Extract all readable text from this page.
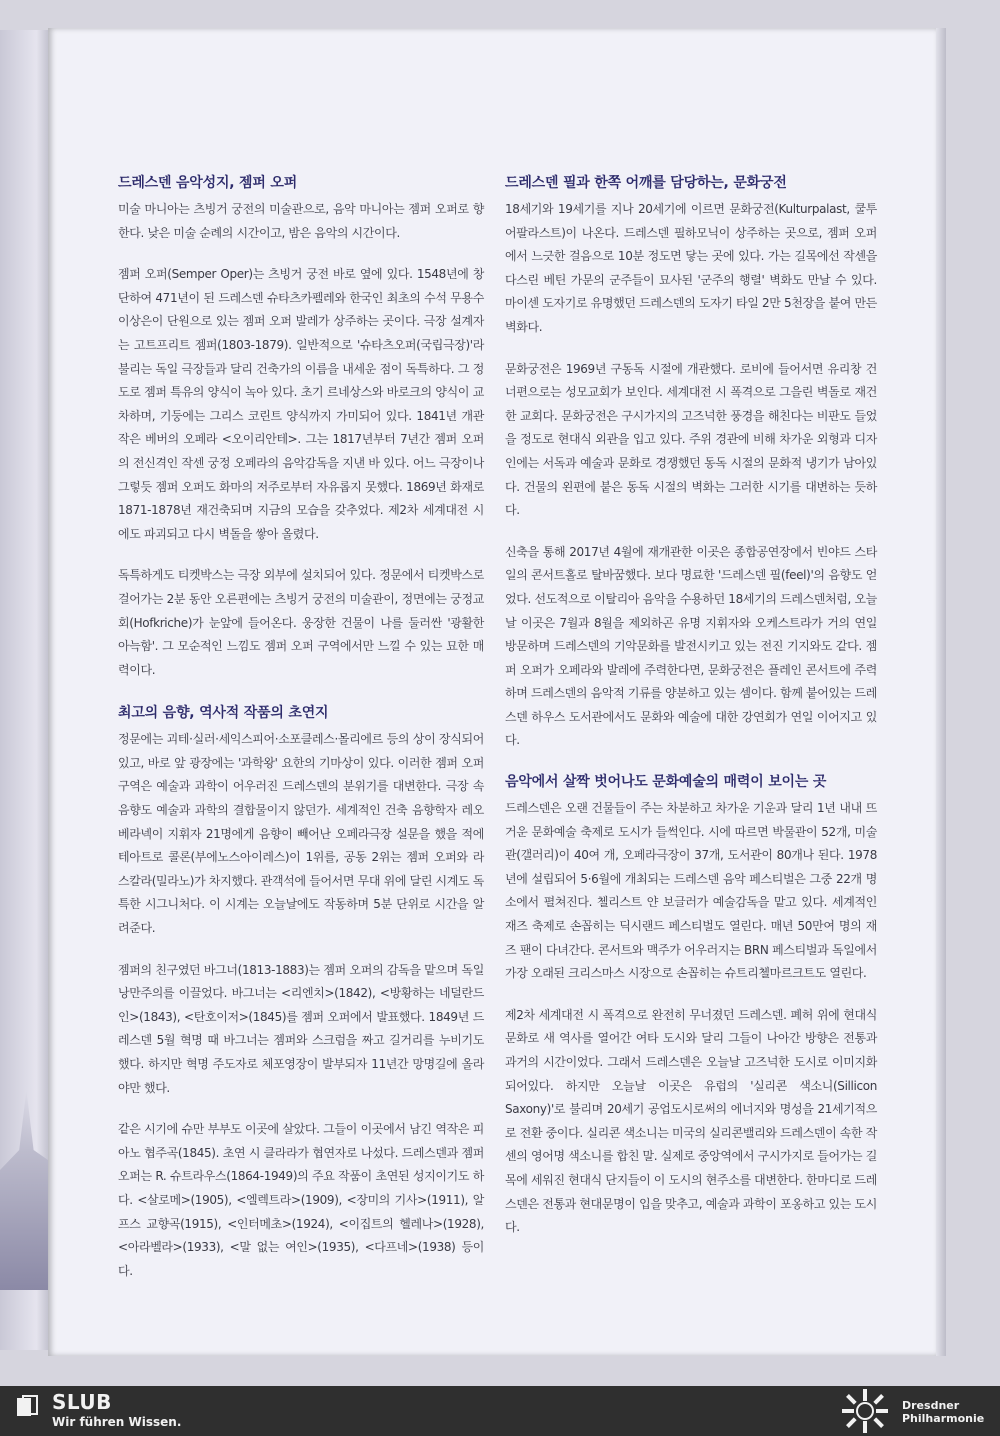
드레스덴 음악성지, 젬퍼 오퍼

미술 마니아는 츠빙거 궁전의 미술관으로, 음악 마니아는 젬퍼 오퍼로 향한다. 낮은 미술 순례의 시간이고, 밤은 음악의 시간이다.

젬퍼 오퍼(Semper Oper)는 츠빙거 궁전 바로 옆에 있다. 1548년에 창단하여 471년이 된 드레스덴 슈타츠카펠레와 한국인 최초의 수석 무용수 이상은이 단원으로 있는 젬퍼 오퍼 발레가 상주하는 곳이다. 극장 설계자는 고트프리트 젬퍼(1803-1879). 일반적으로 '슈타츠오퍼(국립극장)'라 불리는 독일 극장들과 달리 건축가의 이름을 내세운 점이 독특하다. 그 정도로 젬퍼 특유의 양식이 녹아 있다. 초기 르네상스와 바로크의 양식이 교차하며, 기둥에는 그리스 코린트 양식까지 가미되어 있다. 1841년 개관작은 베버의 오페라 <오이리안테>. 그는 1817년부터 7년간 젬퍼 오퍼의 전신격인 작센 궁정 오페라의 음악감독을 지낸 바 있다. 어느 극장이나 그렇듯 젬퍼 오퍼도 화마의 저주로부터 자유롭지 못했다. 1869년 화재로 1871-1878년 재건축되며 지금의 모습을 갖추었다. 제2차 세계대전 시에도 파괴되고 다시 벽돌을 쌓아 올렸다.

독특하게도 티켓박스는 극장 외부에 설치되어 있다. 정문에서 티켓박스로 걸어가는 2분 동안 오른편에는 츠빙거 궁전의 미술관이, 정면에는 궁정교회(Hofkriche)가 눈앞에 들어온다. 웅장한 건물이 나를 둘러싼 '광활한 아늑함'. 그 모순적인 느낌도 젬퍼 오퍼 구역에서만 느낄 수 있는 묘한 매력이다.

최고의 음향, 역사적 작품의 초연지

정문에는 괴테·실러·세익스피어·소포클레스·몰리에르 등의 상이 장식되어 있고, 바로 앞 광장에는 '과학왕' 요한의 기마상이 있다. 이러한 젬퍼 오퍼 구역은 예술과 과학이 어우러진 드레스덴의 분위기를 대변한다. 극장 속 음향도 예술과 과학의 결합물이지 않던가. 세계적인 건축 음향학자 레오 베라넥이 지휘자 21명에게 음향이 빼어난 오페라극장 설문을 했을 적에 테아트로 콜론(부에노스아이레스)이 1위를, 공동 2위는 젬퍼 오퍼와 라 스칼라(밀라노)가 차지했다. 관객석에 들어서면 무대 위에 달린 시계도 독특한 시그니처다. 이 시계는 오늘날에도 작동하며 5분 단위로 시간을 알려준다.

젬퍼의 친구였던 바그너(1813-1883)는 젬퍼 오퍼의 감독을 맡으며 독일 낭만주의를 이끌었다. 바그너는 <리엔치>(1842), <방황하는 네덜란드인>(1843), <탄호이저>(1845)를 젬퍼 오퍼에서 발표했다. 1849년 드레스덴 5월 혁명 때 바그너는 젬퍼와 스크럼을 짜고 길거리를 누비기도 했다. 하지만 혁명 주도자로 체포영장이 발부되자 11년간 망명길에 올라야만 했다.

같은 시기에 슈만 부부도 이곳에 살았다. 그들이 이곳에서 남긴 역작은 피아노 협주곡(1845). 초연 시 클라라가 협연자로 나섰다. 드레스덴과 젬퍼 오퍼는 R. 슈트라우스(1864-1949)의 주요 작품이 초연된 성지이기도 하다. <살로메>(1905), <엘렉트라>(1909), <장미의 기사>(1911), 알프스 교향곡(1915), <인터메초>(1924), <이집트의 헬레나>(1928), <아라벨라>(1933), <말 없는 여인>(1935), <다프네>(1938) 등이다.

드레스덴 필과 한쪽 어깨를 담당하는, 문화궁전

18세기와 19세기를 지나 20세기에 이르면 문화궁전(Kulturpalast, 쿨투어팔라스트)이 나온다. 드레스덴 필하모닉이 상주하는 곳으로, 젬퍼 오퍼에서 느긋한 걸음으로 10분 정도면 닿는 곳에 있다. 가는 길목에선 작센을 다스린 베틴 가문의 군주들이 묘사된 '군주의 행렬' 벽화도 만날 수 있다. 마이센 도자기로 유명했던 드레스덴의 도자기 타일 2만 5천장을 붙여 만든 벽화다.

문화궁전은 1969년 구동독 시절에 개관했다. 로비에 들어서면 유리창 건너편으로는 성모교회가 보인다. 세계대전 시 폭격으로 그을린 벽돌로 재건한 교회다. 문화궁전은 구시가지의 고즈넉한 풍경을 해친다는 비판도 들었을 정도로 현대식 외관을 입고 있다. 주위 경관에 비해 차가운 외형과 디자인에는 서독과 예술과 문화로 경쟁했던 동독 시절의 문화적 냉기가 남아있다. 건물의 왼편에 붙은 동독 시절의 벽화는 그러한 시기를 대변하는 듯하다.

신축을 통해 2017년 4월에 재개관한 이곳은 종합공연장에서 빈야드 스타일의 콘서트홀로 탈바꿈했다. 보다 명료한 '드레스덴 필(feel)'의 음향도 얻었다. 선도적으로 이탈리아 음악을 수용하던 18세기의 드레스덴처럼, 오늘날 이곳은 7월과 8월을 제외하곤 유명 지휘자와 오케스트라가 거의 연일 방문하며 드레스덴의 기악문화를 발전시키고 있는 전진 기지와도 같다. 젬퍼 오퍼가 오페라와 발레에 주력한다면, 문화궁전은 플레인 콘서트에 주력하며 드레스덴의 음악적 기류를 양분하고 있는 셈이다. 함께 붙어있는 드레스덴 하우스 도서관에서도 문화와 예술에 대한 강연회가 연일 이어지고 있다.

음악에서 살짝 벗어나도 문화예술의 매력이 보이는 곳

드레스덴은 오랜 건물들이 주는 차분하고 차가운 기운과 달리 1년 내내 뜨거운 문화예술 축제로 도시가 들썩인다. 시에 따르면 박물관이 52개, 미술관(갤러리)이 40여 개, 오페라극장이 37개, 도서관이 80개나 된다. 1978년에 설립되어 5·6월에 개최되는 드레스덴 음악 페스티벌은 그중 22개 명소에서 펼쳐진다. 첼리스트 얀 보글러가 예술감독을 맡고 있다. 세계적인 재즈 축제로 손꼽히는 딕시랜드 페스티벌도 열린다. 매년 50만여 명의 재즈 팬이 다녀간다. 콘서트와 맥주가 어우러지는 BRN 페스티벌과 독일에서 가장 오래된 크리스마스 시장으로 손꼽히는 슈트리첼마르크트도 열린다.

제2차 세계대전 시 폭격으로 완전히 무너졌던 드레스덴. 폐허 위에 현대식 문화로 새 역사를 열어간 여타 도시와 달리 그들이 나아간 방향은 전통과 과거의 시간이었다. 그래서 드레스덴은 오늘날 고즈넉한 도시로 이미지화 되어있다. 하지만 오늘날 이곳은 유럽의 '실리콘 색소니(Sillicon Saxony)'로 불리며 20세기 공업도시로써의 에너지와 명성을 21세기적으로 전환 중이다. 실리콘 색소니는 미국의 실리콘밸리와 드레스덴이 속한 작센의 영어명 색소니를 합친 말. 실제로 중앙역에서 구시가지로 들어가는 길목에 세워진 현대식 단지들이 이 도시의 현주소를 대변한다. 한마디로 드레스덴은 전통과 현대문명이 입을 맞추고, 예술과 과학이 포옹하고 있는 도시다.

SLUB
Wir führen Wissen.
Dresdner
Philharmonie
